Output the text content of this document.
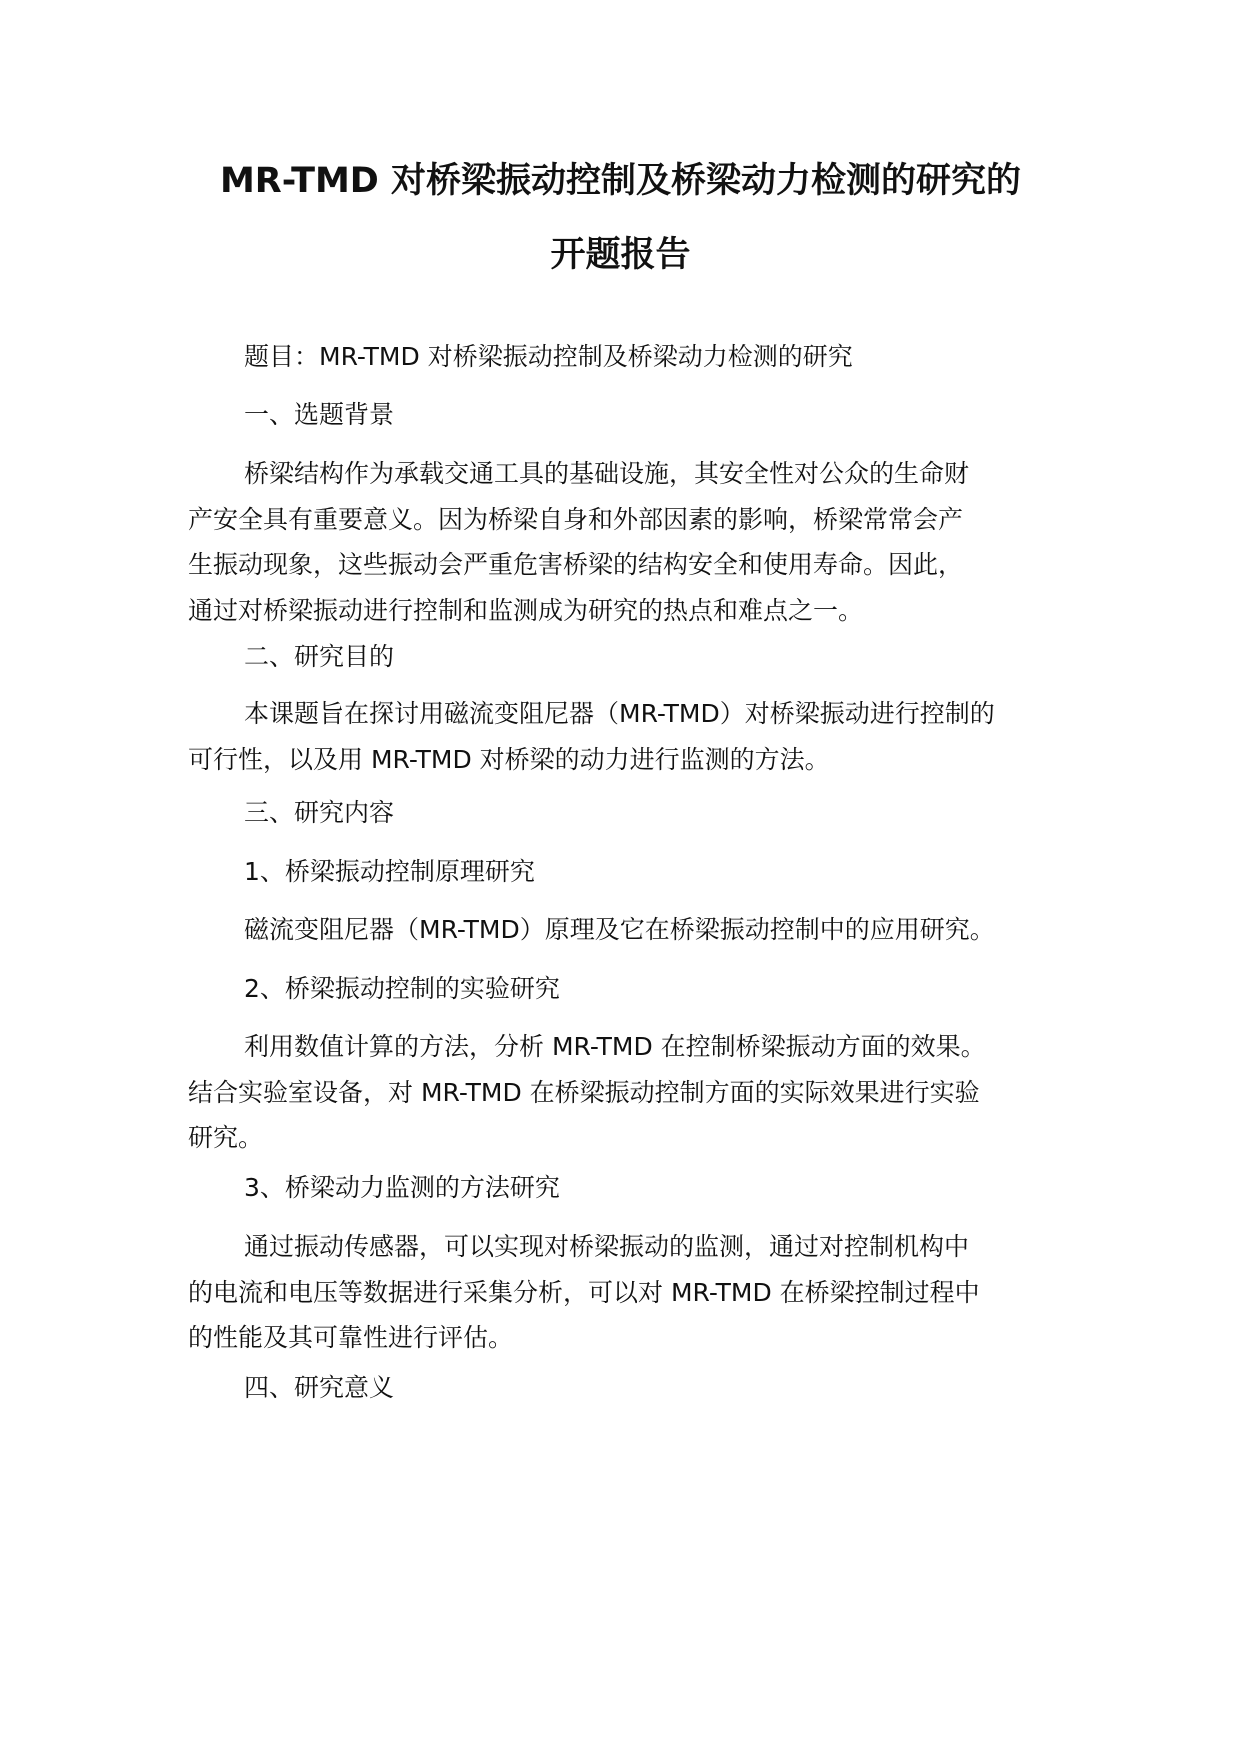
MR-TMD 对桥梁振动控制及桥梁动力检测的研究的
开题报告

题目：MR-TMD 对桥梁振动控制及桥梁动力检测的研究

一、选题背景

桥梁结构作为承载交通工具的基础设施，其安全性对公众的生命财
产安全具有重要意义。因为桥梁自身和外部因素的影响，桥梁常常会产
生振动现象，这些振动会严重危害桥梁的结构安全和使用寿命。因此，
通过对桥梁振动进行控制和监测成为研究的热点和难点之一。

二、研究目的

本课题旨在探讨用磁流变阻尼器（MR-TMD）对桥梁振动进行控制的
可行性，以及用 MR-TMD 对桥梁的动力进行监测的方法。

三、研究内容

1、桥梁振动控制原理研究

磁流变阻尼器（MR-TMD）原理及它在桥梁振动控制中的应用研究。

2、桥梁振动控制的实验研究

利用数值计算的方法，分析 MR-TMD 在控制桥梁振动方面的效果。
结合实验室设备，对 MR-TMD 在桥梁振动控制方面的实际效果进行实验
研究。

3、桥梁动力监测的方法研究

通过振动传感器，可以实现对桥梁振动的监测，通过对控制机构中
的电流和电压等数据进行采集分析，可以对 MR-TMD 在桥梁控制过程中
的性能及其可靠性进行评估。

四、研究意义
